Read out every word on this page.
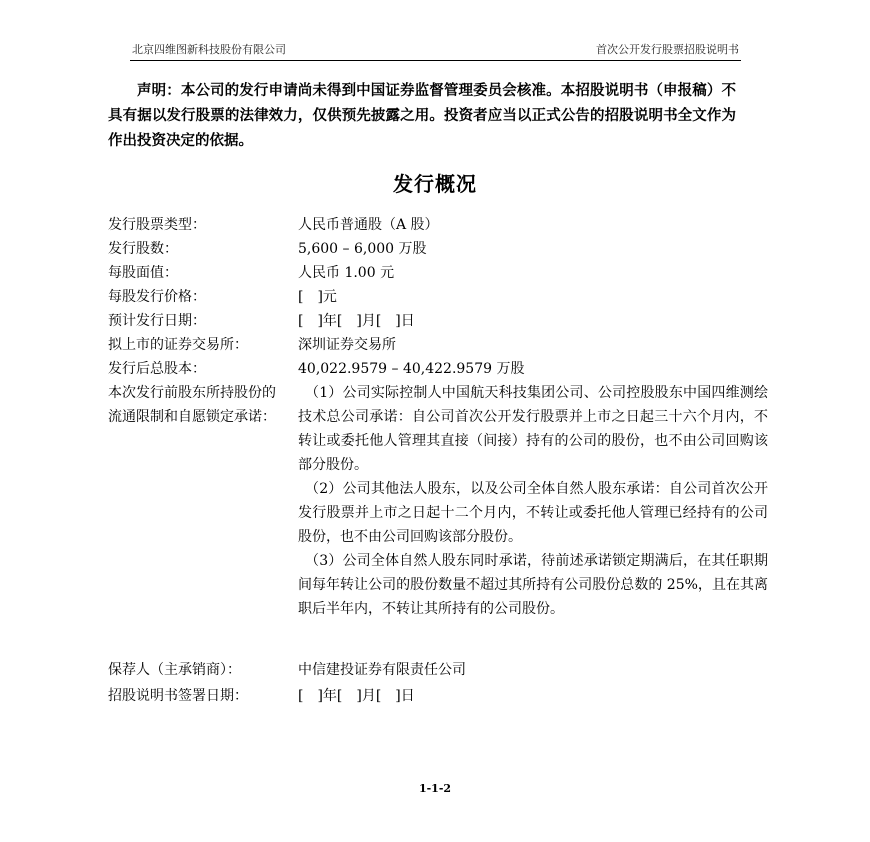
北京四维图新科技股份有限公司	首次公开发行股票招股说明书
声明：本公司的发行申请尚未得到中国证券监督管理委员会核准。本招股说明书（申报稿）不具有据以发行股票的法律效力，仅供预先披露之用。投资者应当以正式公告的招股说明书全文作为作出投资决定的依据。
发行概况
发行股票类型：	人民币普通股（A 股）
发行股数：	5,600 – 6,000 万股
每股面值：	人民币 1.00 元
每股发行价格：	[　]元
预计发行日期：	[　]年[　]月[　]日
拟上市的证券交易所：	深圳证券交易所
发行后总股本：	40,022.9579 – 40,422.9579 万股
本次发行前股东所持股份的流通限制和自愿锁定承诺：

（1）公司实际控制人中国航天科技集团公司、公司控股股东中国四维测绘技术总公司承诺：自公司首次公开发行股票并上市之日起三十六个月内，不转让或委托他人管理其直接（间接）持有的公司的股份，也不由公司回购该部分股份。

（2）公司其他法人股东，以及公司全体自然人股东承诺：自公司首次公开发行股票并上市之日起十二个月内，不转让或委托他人管理已经持有的公司股份，也不由公司回购该部分股份。

（3）公司全体自然人股东同时承诺，待前述承诺锁定期满后，在其任职期间每年转让公司的股份数量不超过其所持有公司股份总数的 25%，且在其离职后半年内，不转让其所持有的公司股份。

保荐人（主承销商）：	中信建投证券有限责任公司
招股说明书签署日期：	[　]年[　]月[　]日
1-1-2
